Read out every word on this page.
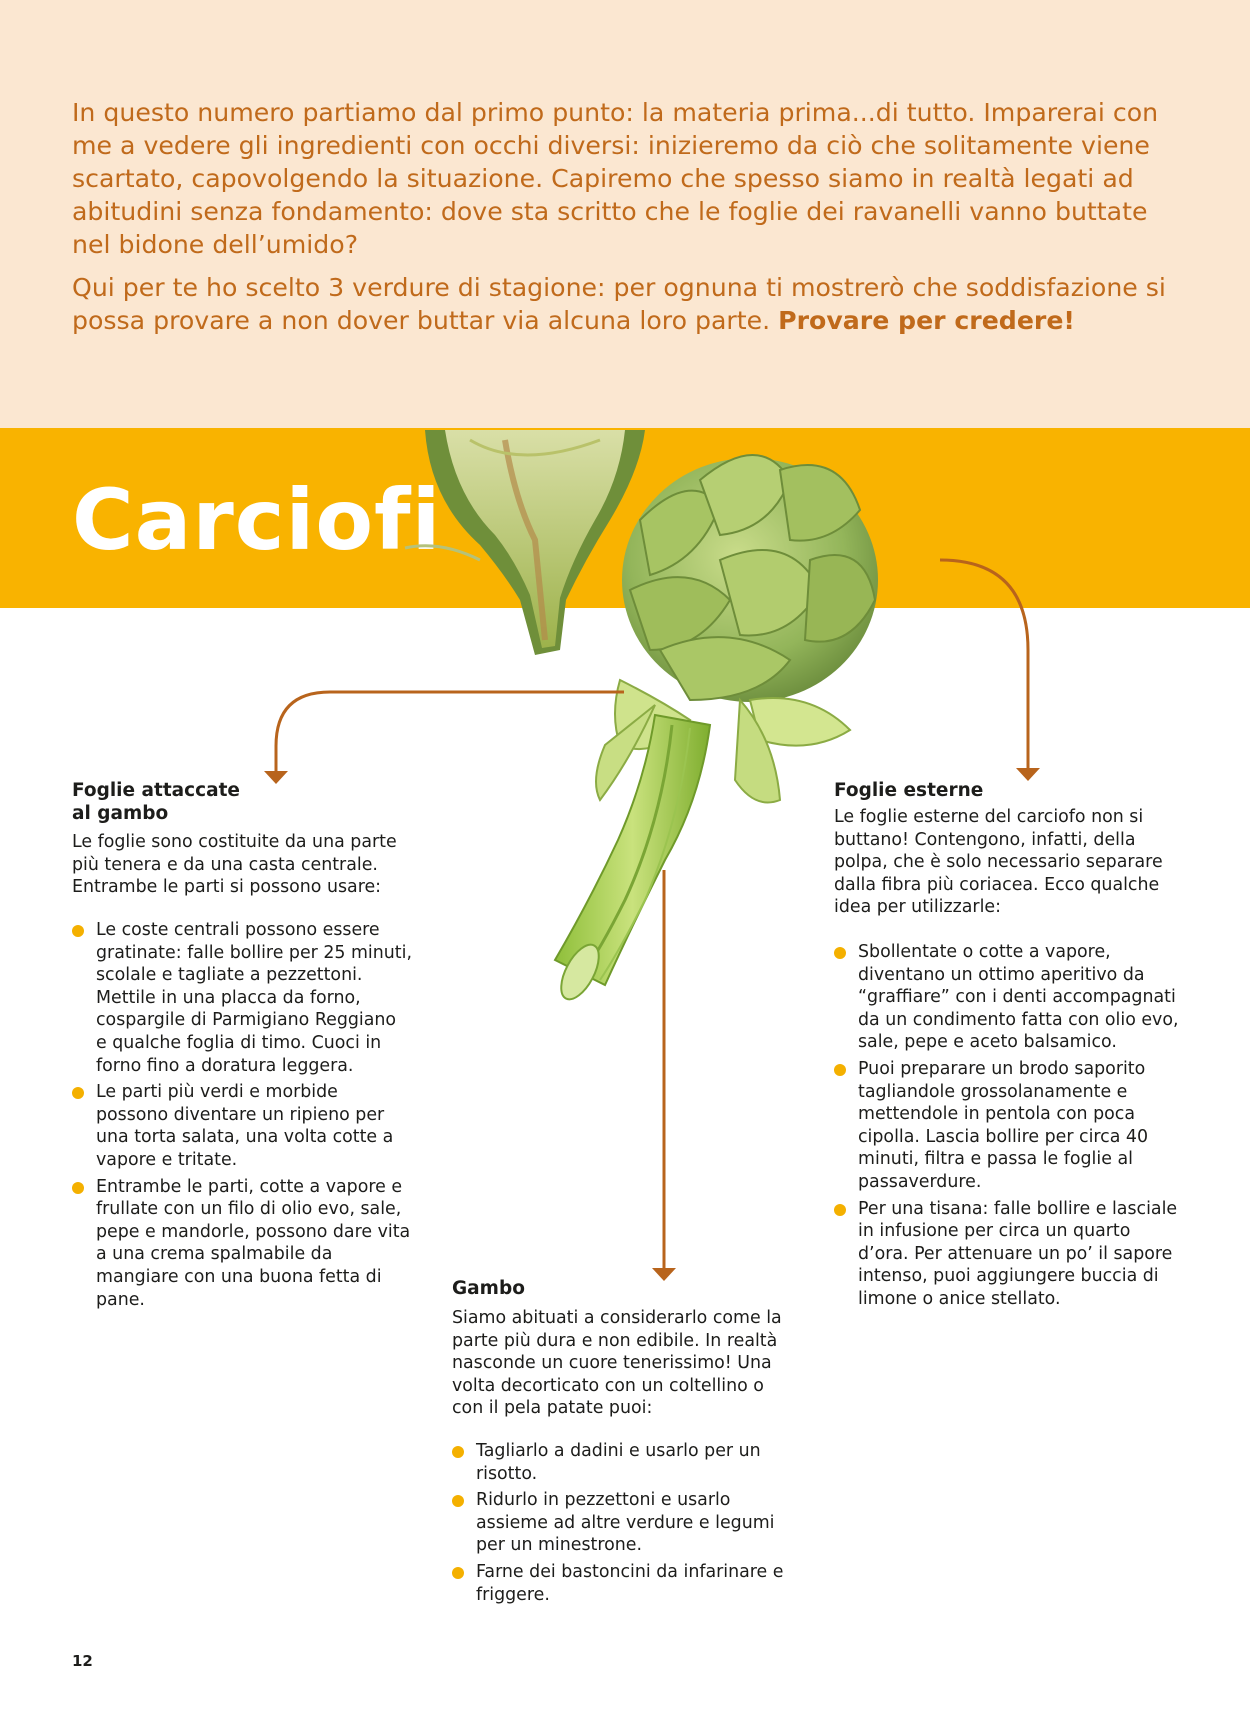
In questo numero partiamo dal primo punto: la materia prima...di tutto. Imparerai con me a vedere gli ingredienti con occhi diversi: inizieremo da ciò che solitamente viene scartato, capovolgendo la situazione. Capiremo che spesso siamo in realtà legati ad abitudini senza fondamento: dove sta scritto che le foglie dei ravanelli vanno buttate nel bidone dell’umido?

Qui per te ho scelto 3 verdure di stagione: per ognuna ti mostrerò che soddisfazione si possa provare a non dover buttar via alcuna loro parte. Provare per credere!

Carciofi
Foglie attaccate
al gambo

Le foglie sono costituite da una parte più tenera e da una casta centrale. Entrambe le parti si possono usare:

Le coste centrali possono essere gratinate: falle bollire per 25 minuti, scolale e tagliate a pezzettoni. Mettile in una placca da forno, cospargile di Parmigiano Reggiano e qualche foglia di timo. Cuoci in forno fino a doratura leggera.
Le parti più verdi e morbide possono diventare un ripieno per una torta salata, una volta cotte a vapore e tritate.
Entrambe le parti, cotte a vapore e frullate con un filo di olio evo, sale, pepe e mandorle, possono dare vita a una crema spalmabile da mangiare con una buona fetta di pane.
Foglie esterne

Le foglie esterne del carciofo non si buttano! Contengono, infatti, della polpa, che è solo necessario separare dalla fibra più coriacea. Ecco qualche idea per utilizzarle:

Sbollentate o cotte a vapore, diventano un ottimo aperitivo da “graffiare” con i denti accompagnati da un condimento fatta con olio evo, sale, pepe e aceto balsamico.
Puoi preparare un brodo saporito tagliandole grossolanamente e mettendole in pentola con poca cipolla. Lascia bollire per circa 40 minuti, filtra e passa le foglie al passaverdure.
Per una tisana: falle bollire e lasciale in infusione per circa un quarto d’ora. Per attenuare un po’ il sapore intenso, puoi aggiungere buccia di limone o anice stellato.
Gambo

Siamo abituati a considerarlo come la parte più dura e non edibile. In realtà nasconde un cuore tenerissimo! Una volta decorticato con un coltellino o con il pela patate puoi:

Tagliarlo a dadini e usarlo per un risotto.
Ridurlo in pezzettoni e usarlo assieme ad altre verdure e legumi per un minestrone.
Farne dei bastoncini da infarinare e friggere.
12
